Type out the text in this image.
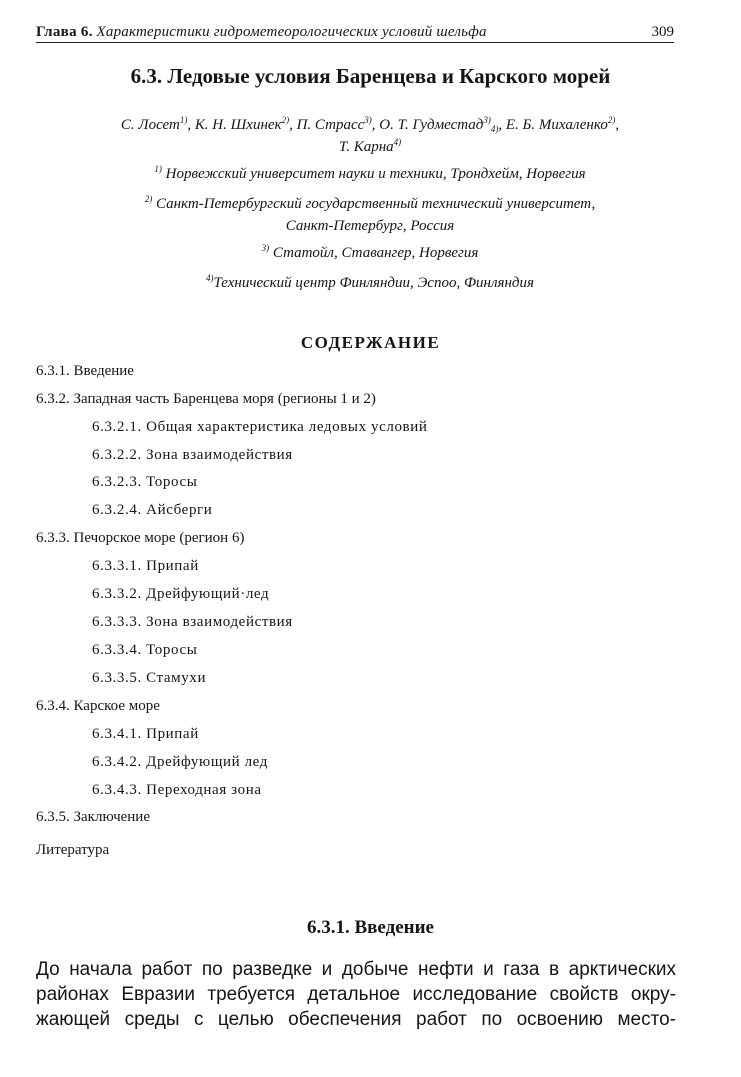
Глава 6. Характеристики гидрометеорологических условий шельфа	309
6.3. Ледовые условия Баренцева и Карского морей
С. Лосет$^{1)}$, К. Н. Шхинек$^{2)}$, П. Страсс$^{3)}$, О. Т. Гудместад$^{3)}_{4)}$, Е. Б. Михаленко$^{2)}$,
Т. Карна$^{4)}$
$^{1)}$ Норвежский университет науки и техники, Трондхейм, Норвегия
$^{2)}$ Санкт-Петербургский государственный технический университет,
Санкт-Петербург, Россия
$^{3)}$ Статойл, Ставангер, Норвегия
$^{4)}$Технический центр Финляндии, Эспоо, Финляндия
СОДЕРЖАНИЕ
6.3.1. Введение
6.3.2. Западная часть Баренцева моря (регионы 1 и 2)
6.3.2.1. Общая характеристика ледовых условий
6.3.2.2. Зона взаимодействия
6.3.2.3. Торосы
6.3.2.4. Айсберги
6.3.3. Печорское море (регион 6)
6.3.3.1. Припай
6.3.3.2. Дрейфующий·лед
6.3.3.3. Зона взаимодействия
6.3.3.4. Торосы
6.3.3.5. Стамухи
6.3.4. Карское море
6.3.4.1. Припай
6.3.4.2. Дрейфующий лед
6.3.4.3. Переходная зона
6.3.5. Заключение
Литература
6.3.1. Введение
До начала работ по разведке и добыче нефти и газа в арктических
районах Евразии требуется детальное исследование свойств окру-
жающей среды с целью обеспечения работ по освоению место-
